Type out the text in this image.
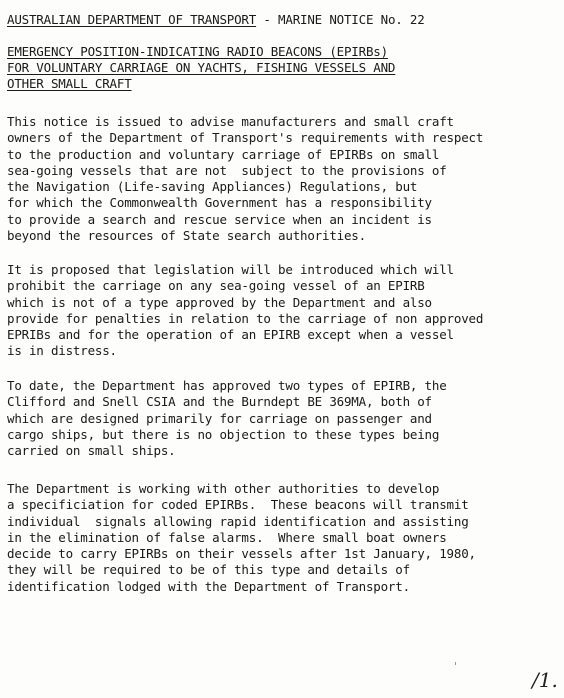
AUSTRALIAN DEPARTMENT OF TRANSPORT - MARINE NOTICE No. 22
EMERGENCY POSITION-INDICATING RADIO BEACONS (EPIRBs)
FOR VOLUNTARY CARRIAGE ON YACHTS, FISHING VESSELS AND
OTHER SMALL CRAFT
This notice is issued to advise manufacturers and small craft
owners of the Department of Transport's requirements with respect
to the production and voluntary carriage of EPIRBs on small
sea-going vessels that are not  subject to the provisions of
the Navigation (Life-saving Appliances) Regulations, but
for which the Commonwealth Government has a responsibility
to provide a search and rescue service when an incident is
beyond the resources of State search authorities.
It is proposed that legislation will be introduced which will
prohibit the carriage on any sea-going vessel of an EPIRB
which is not of a type approved by the Department and also
provide for penalties in relation to the carriage of non approved
EPRIBs and for the operation of an EPIRB except when a vessel
is in distress.
To date, the Department has approved two types of EPIRB, the
Clifford and Snell CSIA and the Burndept BE 369MA, both of
which are designed primarily for carriage on passenger and
cargo ships, but there is no objection to these types being
carried on small ships.
The Department is working with other authorities to develop
a specificiation for coded EPIRBs.  These beacons will transmit
individual  signals allowing rapid identification and assisting
in the elimination of false alarms.  Where small boat owners
decide to carry EPIRBs on their vessels after 1st January, 1980,
they will be required to be of this type and details of
identification lodged with the Department of Transport.
/1.
